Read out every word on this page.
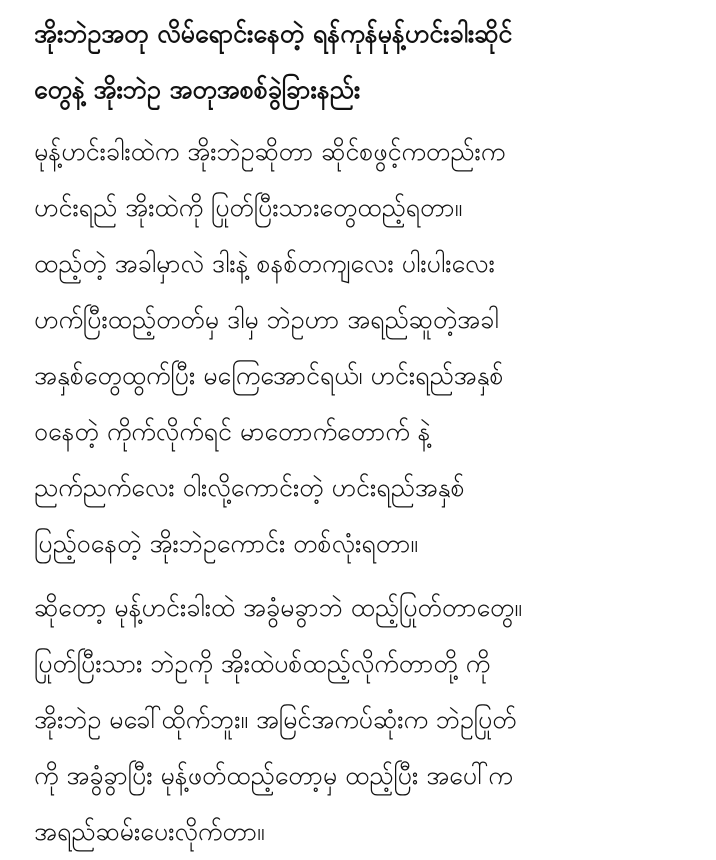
အိုးဘဲဥအတု လိမ်ရောင်းနေတဲ့ ရန်ကုန်မုန့်ဟင်းခါးဆိုင်
တွေနဲ့ အိုးဘဲဥ အတုအစစ်ခွဲခြားနည်း

မုန့်ဟင်းခါးထဲက အိုးဘဲဥဆိုတာ ဆိုင်စဖွင့်ကတည်းက
ဟင်းရည် အိုးထဲကို ပြုတ်ပြီးသားတွေထည့်ရတာ။
ထည့်တဲ့ အခါမှာလဲ ဒါးနဲ့ စနစ်တကျလေး ပါးပါးလေး
ဟက်ပြီးထည့်တတ်မှ ဒါမှ ဘဲဥဟာ အရည်ဆူတဲ့အခါ
အနှစ်တွေထွက်ပြီး မကြေအောင်ရယ်၊ ဟင်းရည်အနှစ်
ဝနေတဲ့ ကိုက်လိုက်ရင် မာတောက်တောက် နဲ့
ညက်ညက်လေး ဝါးလို့ကောင်းတဲ့ ဟင်းရည်အနှစ်
ပြည့်ဝနေတဲ့ အိုးဘဲဥကောင်း တစ်လုံးရတာ။

ဆိုတော့ မုန့်ဟင်းခါးထဲ အခွံမခွာဘဲ ထည့်ပြုတ်တာတွေ။
ပြုတ်ပြီးသား ဘဲဥကို အိုးထဲပစ်ထည့်လိုက်တာတို့ ကို
အိုးဘဲဥ မခေါ်ထိုက်ဘူး။ အမြင်အကပ်ဆုံးက ဘဲဥပြုတ်
ကို အခွံခွာပြီး မုန့်ဖတ်ထည့်တော့မှ ထည့်ပြီး အပေါ်က
အရည်ဆမ်းပေးလိုက်တာ။
